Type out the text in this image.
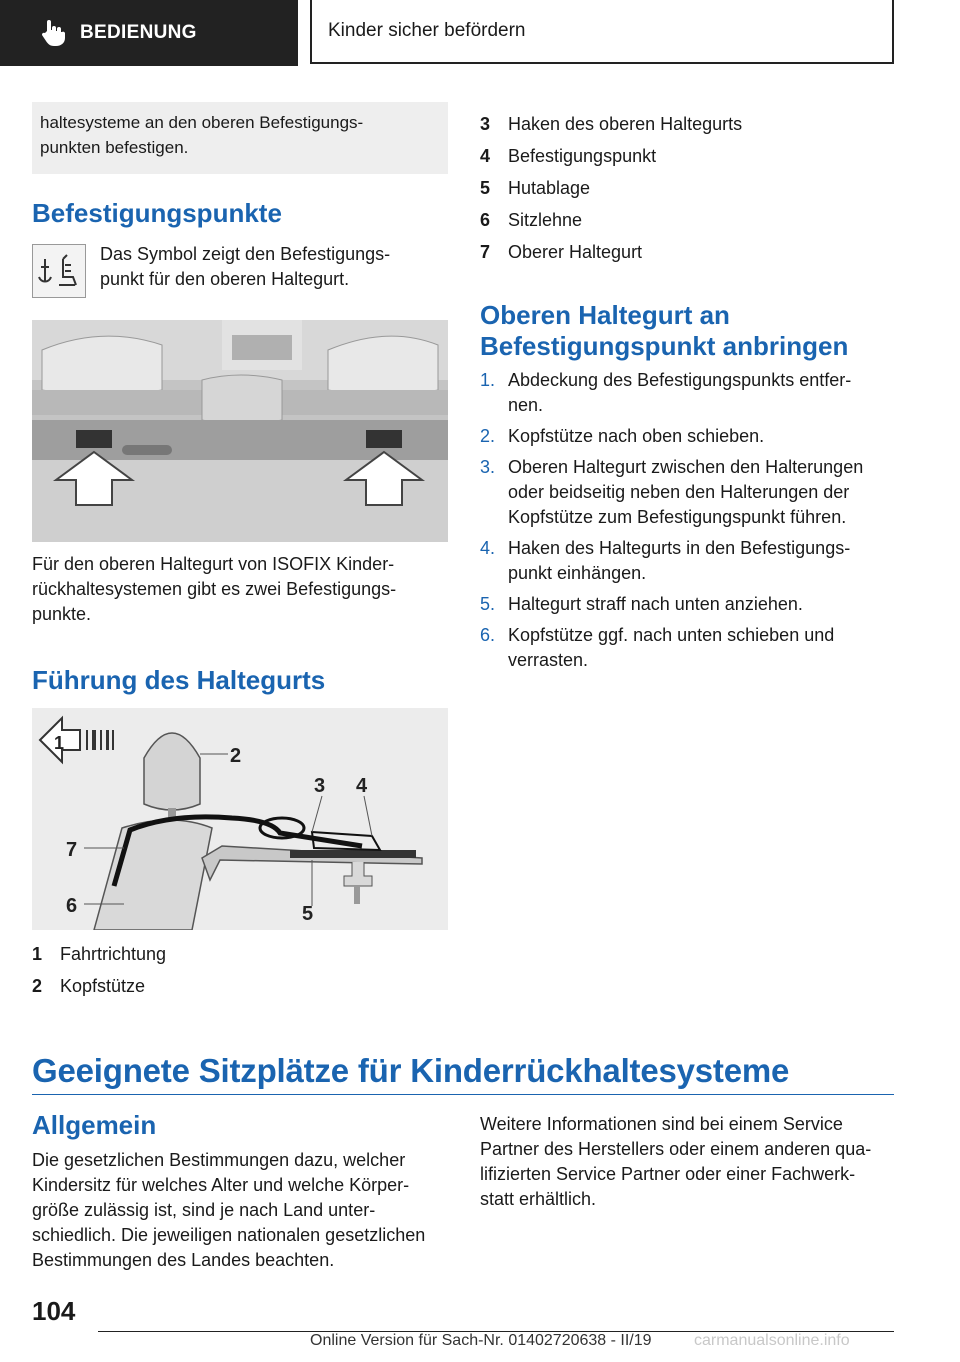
BEDIENUNG	Kinder sicher befördern
haltesysteme an den oberen Befestigungs-
punkten befestigen.
Befestigungspunkte

Das Symbol zeigt den Befestigungs-

punkt für den oberen Haltegurt.

Für den oberen Haltegurt von ISOFIX Kinder-

rückhaltesystemen gibt es zwei Befestigungs-

punkte.

Führung des Haltegurts
1
2
3 4
5
6
7
1 Fahrtrichtung
2 Kopfstütze
3 Haken des oberen Haltegurts
4 Befestigungspunkt
5 Hutablage
6 Sitzlehne
7 Oberer Haltegurt
Oberen Haltegurt an
Befestigungspunkt anbringen
1. Abdeckung des Befestigungspunkts entfer-
nen.
2. Kopfstütze nach oben schieben.
3. Oberen Haltegurt zwischen den Halterungen
oder beidseitig neben den Halterungen der
Kopfstütze zum Befestigungspunkt führen.
4. Haken des Haltegurts in den Befestigungs-
punkt einhängen.
5. Haltegurt straff nach unten anziehen.
6. Kopfstütze ggf. nach unten schieben und
verrasten.
Geeignete Sitzplätze für Kinderrückhaltesysteme
Allgemein

Die gesetzlichen Bestimmungen dazu, welcher

Kindersitz für welches Alter und welche Körper-

größe zulässig ist, sind je nach Land unter-

schiedlich. Die jeweiligen nationalen gesetzlichen

Bestimmungen des Landes beachten.

Weitere Informationen sind bei einem Service

Partner des Herstellers oder einem anderen qua-

lifizierten Service Partner oder einer Fachwerk-

statt erhältlich.

104
Online Version für Sach-Nr. 01402720638 - II/19	carmanualsonline.info
